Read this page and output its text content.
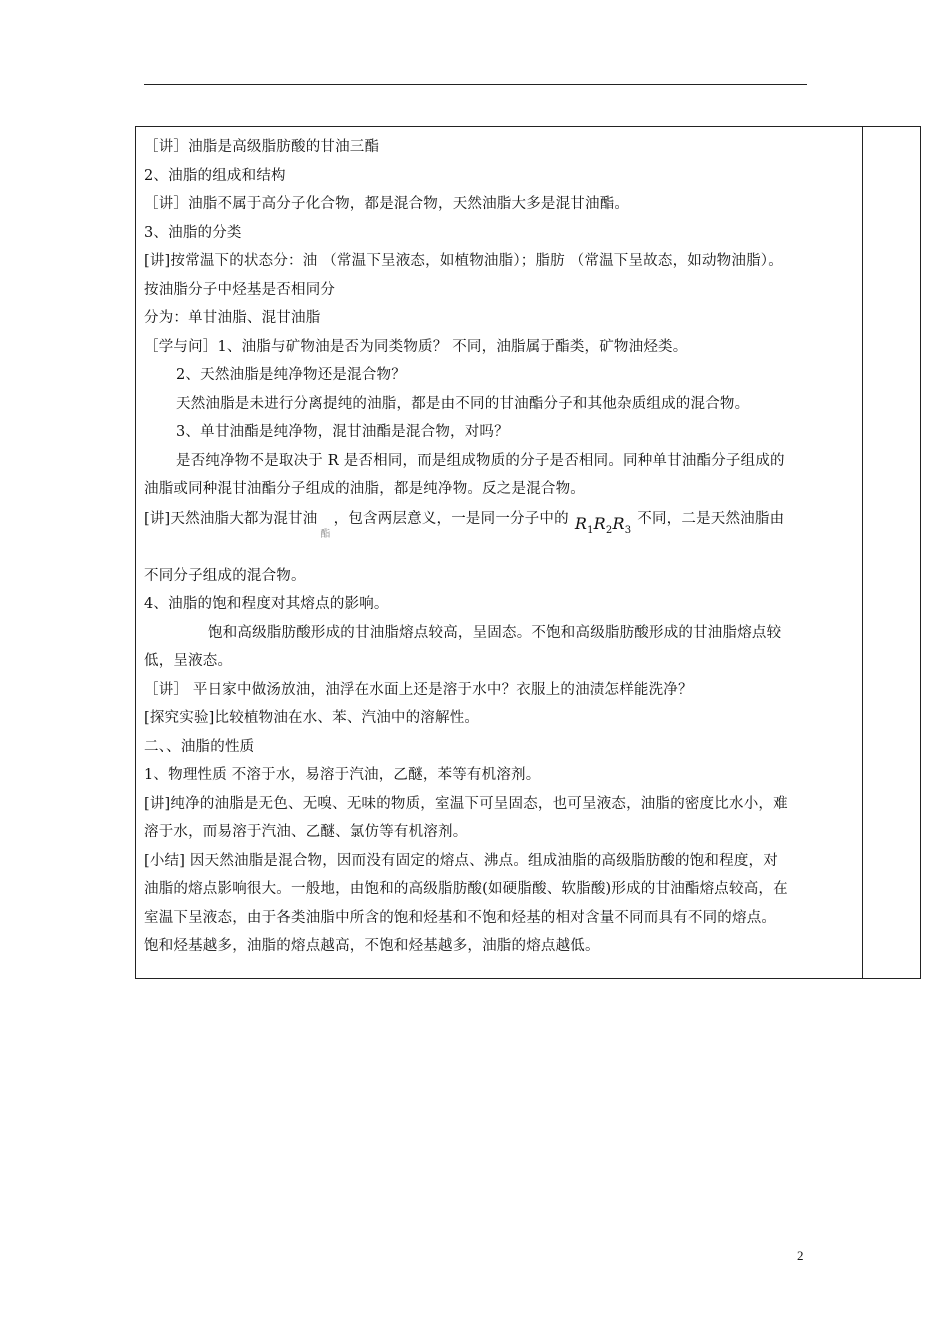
［讲］油脂是高级脂肪酸的甘油三酯
2、油脂的组成和结构
［讲］油脂不属于高分子化合物，都是混合物，天然油脂大多是混甘油酯。
3、油脂的分类
[讲]按常温下的状态分：油 （常温下呈液态，如植物油脂）；脂肪 （常温下呈故态，如动物油脂）。
按油脂分子中烃基是否相同分
分为：单甘油脂、混甘油脂
［学与问］1、油脂与矿物油是否为同类物质？ 不同，油脂属于酯类，矿物油烃类。
2、天然油脂是纯净物还是混合物？
天然油脂是未进行分离提纯的油脂，都是由不同的甘油酯分子和其他杂质组成的混合物。
3、单甘油酯是纯净物，混甘油酯是混合物，对吗？
是否纯净物不是取决于 R 是否相同，而是组成物质的分子是否相同。同种单甘油酯分子组成的
油脂或同种混甘油酯分子组成的油脂，都是纯净物。反之是混合物。
[讲]天然油脂大都为混甘油$_酯$，包含两层意义，一是同一分子中的 $R_1R_2R_3$不同，二是天然油脂由
不同分子组成的混合物。
4、油脂的饱和程度对其熔点的影响。
饱和高级脂肪酸形成的甘油脂熔点较高，呈固态。不饱和高级脂肪酸形成的甘油脂熔点较
低，呈液态。
［讲］ 平日家中做汤放油，油浮在水面上还是溶于水中？衣服上的油渍怎样能洗净？
[探究实验]比较植物油在水、苯、汽油中的溶解性。
二、、油脂的性质
1、物理性质 不溶于水，易溶于汽油，乙醚，苯等有机溶剂。
[讲]纯净的油脂是无色、无嗅、无味的物质，室温下可呈固态，也可呈液态，油脂的密度比水小，难
溶于水，而易溶于汽油、乙醚、氯仿等有机溶剂。
[小结] 因天然油脂是混合物，因而没有固定的熔点、沸点。组成油脂的高级脂肪酸的饱和程度，对
油脂的熔点影响很大。一般地，由饱和的高级脂肪酸(如硬脂酸、软脂酸)形成的甘油酯熔点较高，在
室温下呈液态，由于各类油脂中所含的饱和烃基和不饱和烃基的相对含量不同而具有不同的熔点。
饱和烃基越多，油脂的熔点越高，不饱和烃基越多，油脂的熔点越低。
2
